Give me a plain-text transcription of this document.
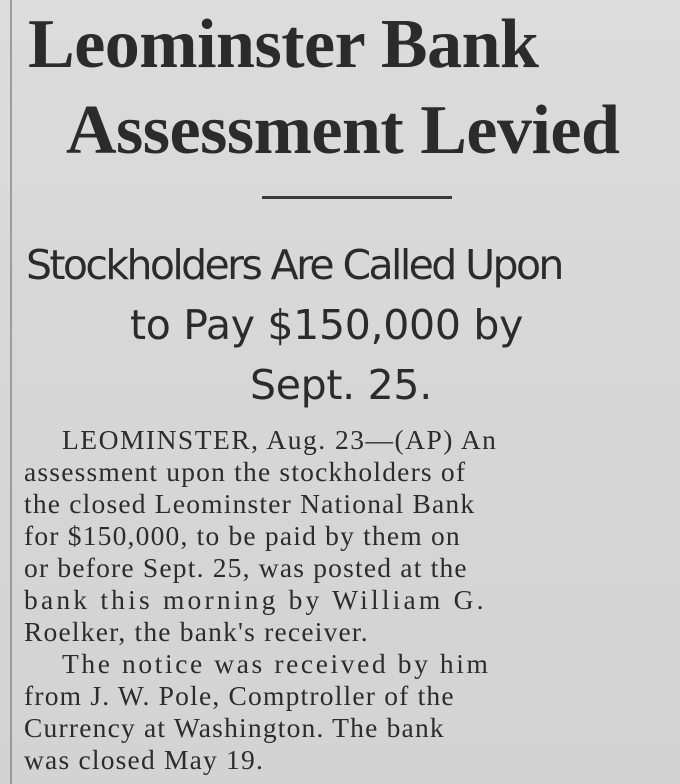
Leominster Bank
Assessment Levied
Stockholders Are Called Upon
to Pay $150,000 by
Sept. 25.
LEOMINSTER, Aug. 23—(AP) An
assessment upon the stockholders of
the closed Leominster National Bank
for $150,000, to be paid by them on
or before Sept. 25, was posted at the
bank this morning by William G.
Roelker, the bank's receiver.
The notice was received by him
from J. W. Pole, Comptroller of the
Currency at Washington. The bank
was closed May 19.
